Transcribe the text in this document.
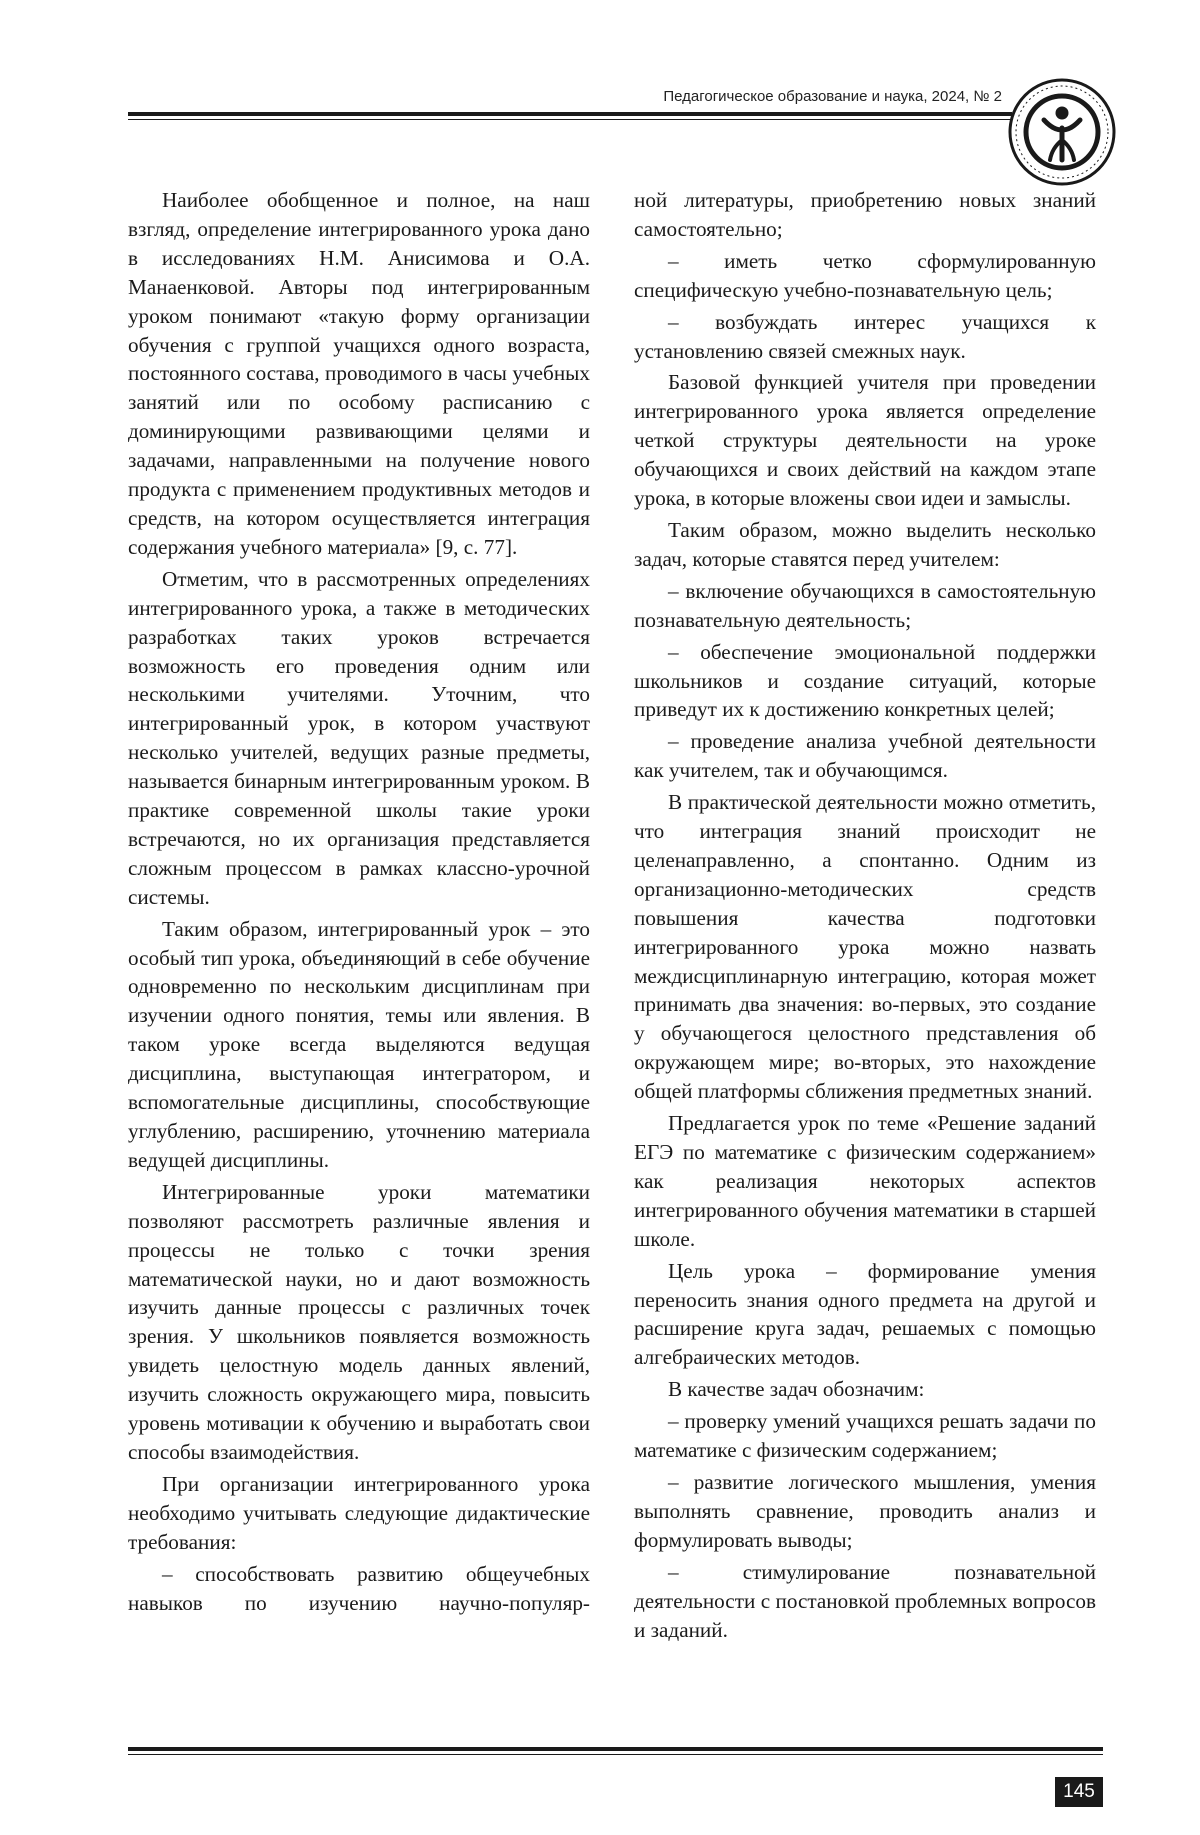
Педагогическое образование и наука, 2024, № 2

Наиболее обобщенное и полное, на наш взгляд, определение интегрированного урока дано в исследованиях Н.М. Анисимова и О.А. Манаенковой. Авторы под интегрированным уроком понимают «такую форму организации обучения с группой учащихся одного возраста, постоянного состава, проводимого в часы учебных занятий или по особому расписанию с доминирующими развивающими целями и задачами, направленными на получение нового продукта с применением продуктивных методов и средств, на котором осуществляется интеграция содержания учебного материала» [9, с. 77].

Отметим, что в рассмотренных определениях интегрированного урока, а также в методических разработках таких уроков встречается возможность его проведения одним или несколькими учителями. Уточним, что интегрированный урок, в котором участвуют несколько учителей, ведущих разные предметы, называется бинарным интегрированным уроком. В практике современной школы такие уроки встречаются, но их организация представляется сложным процессом в рамках классно-урочной системы.

Таким образом, интегрированный урок – это особый тип урока, объединяющий в себе обучение одновременно по нескольким дисциплинам при изучении одного понятия, темы или явления. В таком уроке всегда выделяются ведущая дисциплина, выступающая интегратором, и вспомогательные дисциплины, способствующие углублению, расширению, уточнению материала ведущей дисциплины.

Интегрированные уроки математики позволяют рассмотреть различные явления и процессы не только с точки зрения математической науки, но и дают возможность изучить данные процессы с различных точек зрения. У школьников появляется возможность увидеть целостную модель данных явлений, изучить сложность окружающего мира, повысить уровень мотивации к обучению и выработать свои способы взаимодействия.

При организации интегрированного урока необходимо учитывать следующие дидактические требования:

– способствовать развитию общеучебных навыков по изучению научно-популяр-

ной литературы, приобретению новых знаний самостоятельно;

– иметь четко сформулированную специфическую учебно-познавательную цель;

– возбуждать интерес учащихся к установлению связей смежных наук.

Базовой функцией учителя при проведении интегрированного урока является определение четкой структуры деятельности на уроке обучающихся и своих действий на каждом этапе урока, в которые вложены свои идеи и замыслы.

Таким образом, можно выделить несколько задач, которые ставятся перед учителем:

– включение обучающихся в самостоятельную познавательную деятельность;

– обеспечение эмоциональной поддержки школьников и создание ситуаций, которые приведут их к достижению конкретных целей;

– проведение анализа учебной деятельности как учителем, так и обучающимся.

В практической деятельности можно отметить, что интеграция знаний происходит не целенаправленно, а спонтанно. Одним из организационно-методических средств повышения качества подготовки интегрированного урока можно назвать междисциплинарную интеграцию, которая может принимать два значения: во-первых, это создание у обучающегося целостного представления об окружающем мире; во-вторых, это нахождение общей платформы сближения предметных знаний.

Предлагается урок по теме «Решение заданий ЕГЭ по математике с физическим содержанием» как реализация некоторых аспектов интегрированного обучения математики в старшей школе.

Цель урока – формирование умения переносить знания одного предмета на другой и расширение круга задач, решаемых с помощью алгебраических методов.

В качестве задач обозначим:

– проверку умений учащихся решать задачи по математике с физическим содержанием;

– развитие логического мышления, умения выполнять сравнение, проводить анализ и формулировать выводы;

– стимулирование познавательной деятельности с постановкой проблемных вопросов и заданий.

145
